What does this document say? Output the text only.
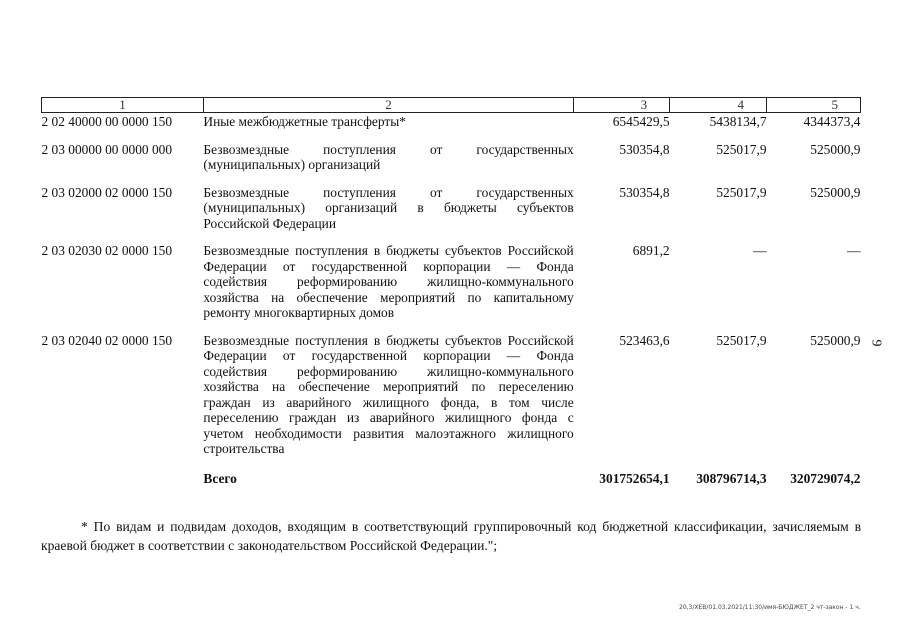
1	2	3	4	5
2 02 40000 00 0000 150	Иные межбюджетные трансферты*	6545429,5	5438134,7	4344373,4
2 03 00000 00 0000 000	Безвозмездные поступления от государственных (муниципальных) организаций	530354,8	525017,9	525000,9
2 03 02000 02 0000 150	Безвозмездные поступления от государственных (муниципальных) организаций в бюджеты субъектов Российской Федерации	530354,8	525017,9	525000,9
2 03 02030 02 0000 150	Безвозмездные поступления в бюджеты субъектов Российской Федерации от государственной корпорации — Фонда содействия реформированию жилищно-коммунального хозяйства на обеспечение мероприятий по капитальному ремонту многоквартирных домов	6891,2	—	—
2 03 02040 02 0000 150	Безвозмездные поступления в бюджеты субъектов Российской Федерации от государственной корпорации — Фонда содействия реформированию жилищно-коммунального хозяйства на обеспечение мероприятий по переселению граждан из аварийного жилищного фонда, в том числе переселению граждан из аварийного жилищного фонда с учетом необходимости развития малоэтажного жилищного строительства	523463,6	525017,9	525000,9
	Всего	301752654,1	308796714,3	320729074,2
* По видам и подвидам доходов, входящим в соответствующий группировочный код бюджетной классификации, зачисляемым в краевой бюджет в соответствии с законодательством Российской Федерации.";
9
20,3/ХЕВ/01.03.2021/11:30/имя-БЮДЖЕТ_2 чт-закон - 1 ч.
